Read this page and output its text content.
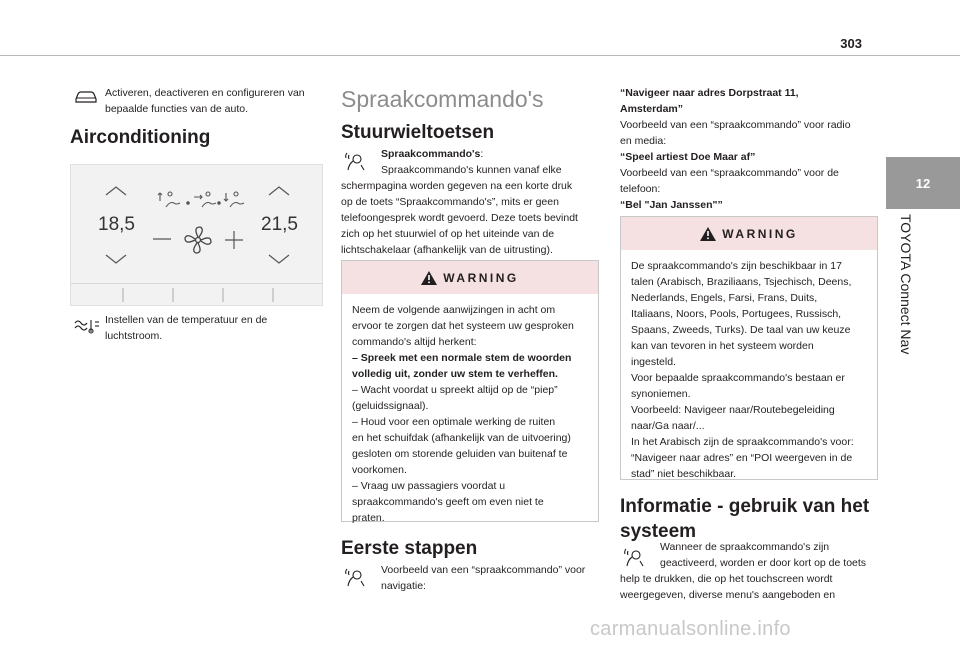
303
12
TOYOTA Connect Nav
Activeren, deactiveren en configureren van bepaalde functies van de auto.
Airconditioning
18,5	21,5
Instellen van de temperatuur en de luchtstroom.
Spraakcommando's
Stuurwieltoetsen
Spraakcommando's:
Spraakcommando's kunnen vanaf elke
schermpagina worden gegeven na een korte druk
op de toets “Spraakcommando's”, mits er geen
telefoongesprek wordt gevoerd. Deze toets bevindt
zich op het stuurwiel of op het uiteinde van de
lichtschakelaar (afhankelijk van de uitrusting).
WARNING

Neem de volgende aanwijzingen in acht om

ervoor te zorgen dat het systeem uw gesproken

commando's altijd herkent:

– Spreek met een normale stem de woorden

volledig uit, zonder uw stem te verheffen.

– Wacht voordat u spreekt altijd op de “piep”

(geluidssignaal).

– Houd voor een optimale werking de ruiten

en het schuifdak (afhankelijk van de uitvoering)

gesloten om storende geluiden van buitenaf te

voorkomen.

– Vraag uw passagiers voordat u

spraakcommando's geeft om even niet te

praten.

Eerste stappen
Voorbeeld van een “spraakcommando” voor
navigatie:
“Navigeer naar adres Dorpstraat 11,
Amsterdam”
Voorbeeld van een “spraakcommando” voor radio
en media:
“Speel artiest Doe Maar af”
Voorbeeld van een “spraakcommando” voor de
telefoon:
“Bel "Jan Janssen"”
WARNING

De spraakcommando's zijn beschikbaar in 17

talen (Arabisch, Braziliaans, Tsjechisch, Deens,

Nederlands, Engels, Farsi, Frans, Duits,

Italiaans, Noors, Pools, Portugees, Russisch,

Spaans, Zweeds, Turks). De taal van uw keuze

kan van tevoren in het systeem worden

ingesteld.

Voor bepaalde spraakcommando's bestaan er

synoniemen.

Voorbeeld: Navigeer naar/Routebegeleiding

naar/Ga naar/...

In het Arabisch zijn de spraakcommando's voor:

“Navigeer naar adres” en “POI weergeven in de

stad” niet beschikbaar.

Informatie - gebruik van het
systeem
Wanneer de spraakcommando's zijn
geactiveerd, worden er door kort op de toets
help te drukken, die op het touchscreen wordt
weergegeven, diverse menu's aangeboden en
carmanualsonline.info
